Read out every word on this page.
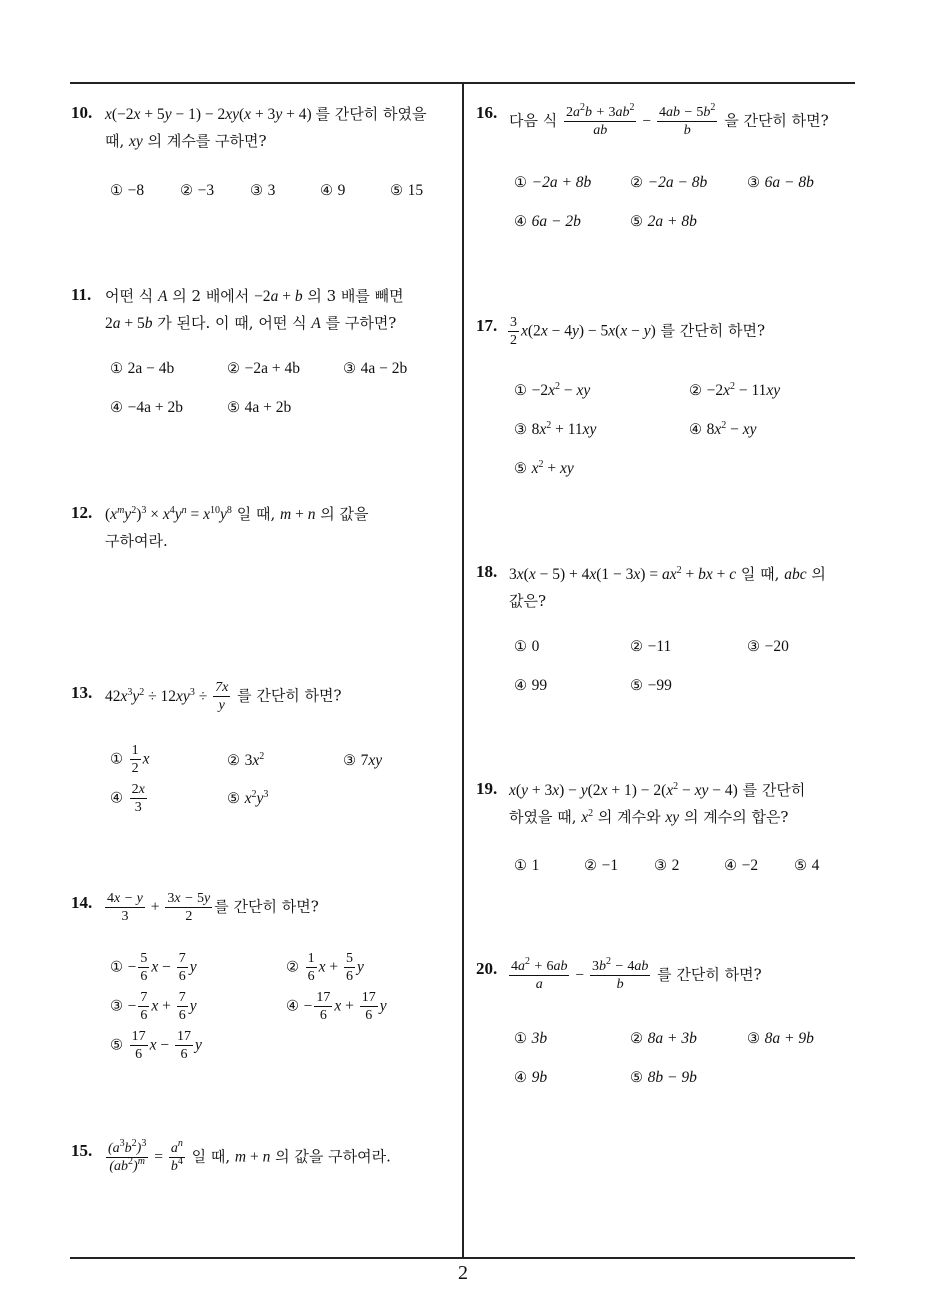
10. x(−2x + 5y − 1) − 2xy(x + 3y + 4) 를 간단히 하였을
때, xy 의 계수를 구하면?
① −8 ② −3 ③ 3	④ 9	⑤ 15
11. 어떤 식 A 의 2 배에서 −2a + b 의 3 배를 빼면
2a + 5b 가 된다. 이 때, 어떤 식 A 를 구하면?
① 2a − 4b	② −2a + 4b	③ 4a − 2b
④ −4a + 2b	⑤ 4a + 2b
12. $(x^my^2)^3 \times x^4y^n = x^{10}y^8$ 일 때, m + n 의 값을
구하여라.
13. $42x^3y^2 \div 12xy^3 \div \frac{7x}{y}$ 를 간단히 하면?
① $\frac{1}{2}$ x	② $3x^2$	③ 7xy
④ $\frac{2x}{3}$	⑤ $x^2y^3$
14. $\frac{4x - y}{3} + \frac{3x - 5y}{2}$ 를 간단히 하면?
① − $\frac{5}{6}$ $x - \frac{7}{6}$ y	② $\frac{1}{6}$ $x + \frac{5}{6}$ y
③ − $\frac{7}{6}$ $x + \frac{7}{6}$ y	④ − $\frac{17}{6}$ $x + \frac{17}{6}$ y
⑤ $\frac{17}{6}$ $x - \frac{17}{6}$ y
15. $\frac{(a^3b^2)^3}{(ab^2)^m} = \frac{a^n}{b^4}$ 일 때, m + n 의 값을 구하여라.
16. 다음 식 $\frac{2a^2b + 3ab^2}{ab} - \frac{4ab - 5b^2}{b}$ 을 간단히 하면?
① −2a + 8b	② −2a − 8b	③ 6a − 8b
④ 6a − 2b	⑤ 2a + 8b
17. $\frac{3}{2} x(2x - 4y) - 5x(x - y)$ 를 간단히 하면?
① $-2x^2$ − xy	② $-2x^2 - 11xy$
③ $8x^2 + 11xy$	④ $8x^2$ − xy
⑤ $x^2$ + xy
18. $3x(x - 5) + 4x(1 - 3x) = ax^2$ + bx + c 일 때, abc 의
값은?
① 0	② −11	③ −20
④ 99	⑤ −99
19. $x(y + 3x) - y(2x + 1) - 2(x^2$ − xy − 4) 를 간단히
하였을 때, $x^2$ 의 계수와 xy 의 계수의 합은?
① 1	② −1 ③ 2	④ −2 ⑤ 4
20. $\frac{4a^2 + 6ab}{a} - \frac{3b^2 - 4ab}{b}$ 를 간단히 하면?
① 3b	② 8a + 3b	③ 8a + 9b
④ 9b	⑤ 8b − 9b
2
